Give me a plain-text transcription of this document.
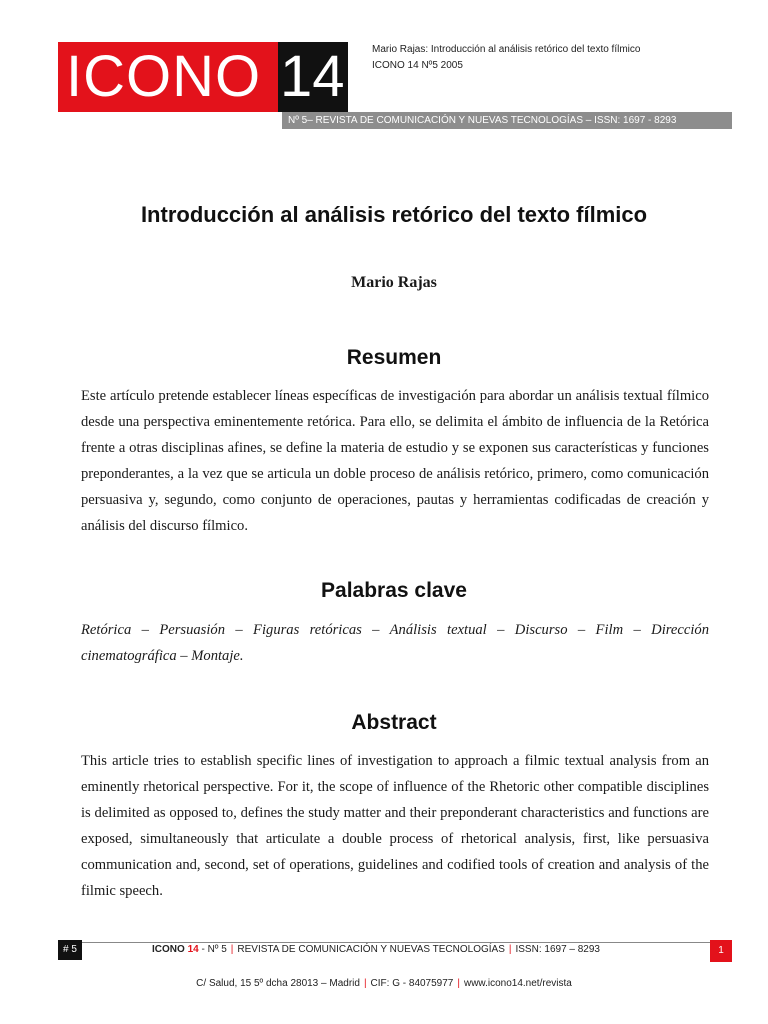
ICONO 14	Mario Rajas: Introducción al análisis retórico del texto fílmico
ICONO 14 Nº5 2005
Nº 5– REVISTA DE COMUNICACIÓN Y NUEVAS TECNOLOGÍAS – ISSN: 1697 - 8293
Introducción al análisis retórico del texto fílmico
Mario Rajas
Resumen

Este artículo pretende establecer líneas específicas de investigación para abordar un análisis textual fílmico desde una perspectiva eminentemente retórica. Para ello, se delimita el ámbito de influencia de la Retórica frente a otras disciplinas afines, se define la materia de estudio y se exponen sus características y funciones preponderantes, a la vez que se articula un doble proceso de análisis retórico, primero, como comunicación persuasiva y, segundo, como conjunto de operaciones, pautas y herramientas codificadas de creación y análisis del discurso fílmico.

Palabras clave

Retórica – Persuasión – Figuras retóricas – Análisis textual – Discurso – Film – Dirección cinematográfica – Montaje.

Abstract

This article tries to establish specific lines of investigation to approach a filmic textual analysis from an eminently rhetorical perspective. For it, the scope of influence of the Rhetoric other compatible disciplines is delimited as opposed to, defines the study matter and their preponderant characteristics and functions are exposed, simultaneously that articulate a double process of rhetorical analysis, first, like persuasiva communication and, second, set of operations, guidelines and codified tools of creation and analysis of the filmic speech.

# 5	ICONO 14 - Nº 5 | REVISTA DE COMUNICACIÓN Y NUEVAS TECNOLOGÍAS | ISSN: 1697 – 8293	1
C/ Salud, 15 5º dcha 28013 – Madrid | CIF: G - 84075977 | www.icono14.net/revista
